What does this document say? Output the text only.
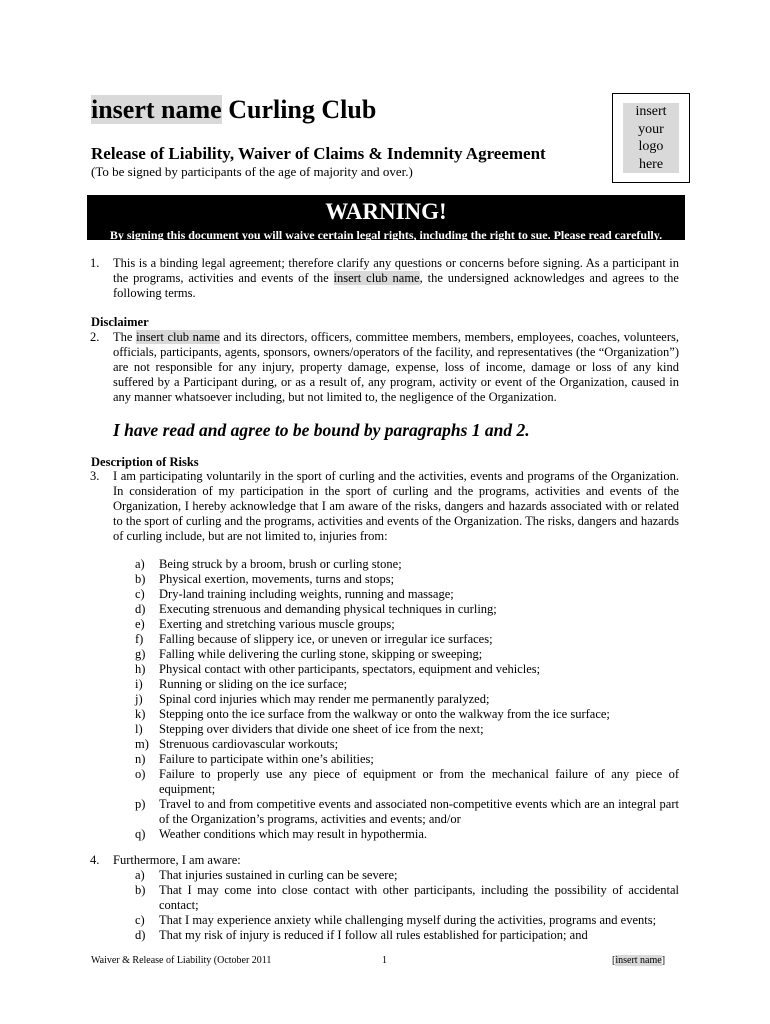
insert name Curling Club
Release of Liability, Waiver of Claims & Indemnity Agreement
(To be signed by participants of the age of majority and over.)
insert
your
logo
here
WARNING!
By signing this document you will waive certain legal rights, including the right to sue. Please read carefully.
1. This is a binding legal agreement; therefore clarify any questions or concerns before signing. As a participant in the programs, activities and events of the insert club name, the undersigned acknowledges and agrees to the following terms.
Disclaimer
2. The insert club name and its directors, officers, committee members, members, employees, coaches, volunteers, officials, participants, agents, sponsors, owners/operators of the facility, and representatives (the “Organization”) are not responsible for any injury, property damage, expense, loss of income, damage or loss of any kind suffered by a Participant during, or as a result of, any program, activity or event of the Organization, caused in any manner whatsoever including, but not limited to, the negligence of the Organization.
I have read and agree to be bound by paragraphs 1 and 2.
Description of Risks
3. I am participating voluntarily in the sport of curling and the activities, events and programs of the Organization. In consideration of my participation in the sport of curling and the programs, activities and events of the Organization, I hereby acknowledge that I am aware of the risks, dangers and hazards associated with or related to the sport of curling and the programs, activities and events of the Organization. The risks, dangers and hazards of curling include, but are not limited to, injuries from:
a)	Being struck by a broom, brush or curling stone;
b)	Physical exertion, movements, turns and stops;
c)	Dry-land training including weights, running and massage;
d)	Executing strenuous and demanding physical techniques in curling;
e)	Exerting and stretching various muscle groups;
f)	Falling because of slippery ice, or uneven or irregular ice surfaces;
g)	Falling while delivering the curling stone, skipping or sweeping;
h)	Physical contact with other participants, spectators, equipment and vehicles;
i)	Running or sliding on the ice surface;
j)	Spinal cord injuries which may render me permanently paralyzed;
k)	Stepping onto the ice surface from the walkway or onto the walkway from the ice surface;
l)	Stepping over dividers that divide one sheet of ice from the next;
m) Strenuous cardiovascular workouts;
n)	Failure to participate within one’s abilities;
o)	Failure to properly use any piece of equipment or from the mechanical failure of any piece of equipment;
p)	Travel to and from competitive events and associated non-competitive events which are an integral part of the Organization’s programs, activities and events; and/or
q)	Weather conditions which may result in hypothermia.
4. Furthermore, I am aware:
a)	That injuries sustained in curling can be severe;
b)	That I may come into close contact with other participants, including the possibility of accidental contact;
c)	That I may experience anxiety while challenging myself during the activities, programs and events;
d)	That my risk of injury is reduced if I follow all rules established for participation; and
Waiver & Release of Liability (October 2011	1	[insert name]
